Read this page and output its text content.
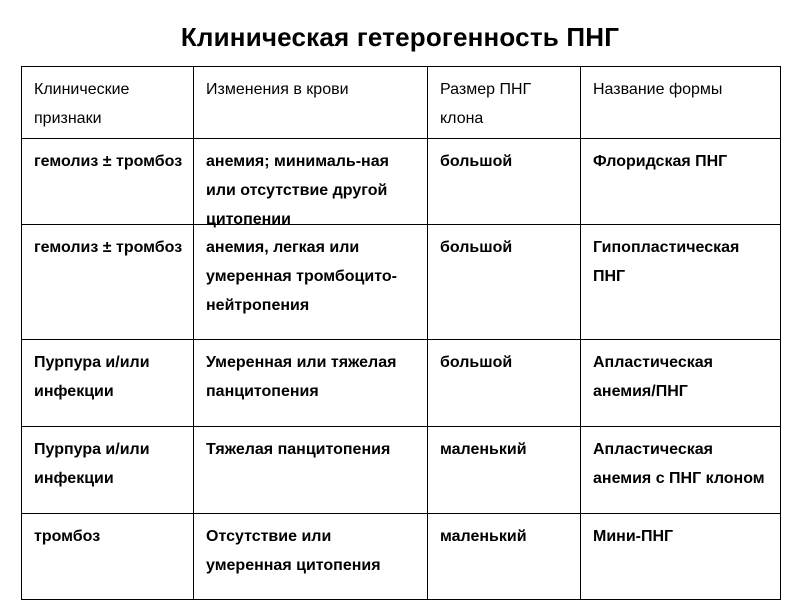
Клиническая гетерогенность ПНГ
Клинические признаки	Изменения в крови	Размер ПНГ клона	Название формы

гемолиз ± тромбоз	анемия; минималь-ная или отсутствие другой цитопении	большой	Флоридская ПНГ

гемолиз ± тромбоз	анемия, легкая или умеренная тромбоцито-нейтропения	большой	Гипопластическая ПНГ

Пурпура и/или инфекции	Умеренная или тяжелая панцитопения	большой	Апластическая анемия/ПНГ

Пурпура и/или инфекции	Тяжелая панцитопения	маленький	Апластическая анемия с ПНГ клоном

тромбоз	Отсутствие или умеренная цитопения	маленький	Мини-ПНГ
